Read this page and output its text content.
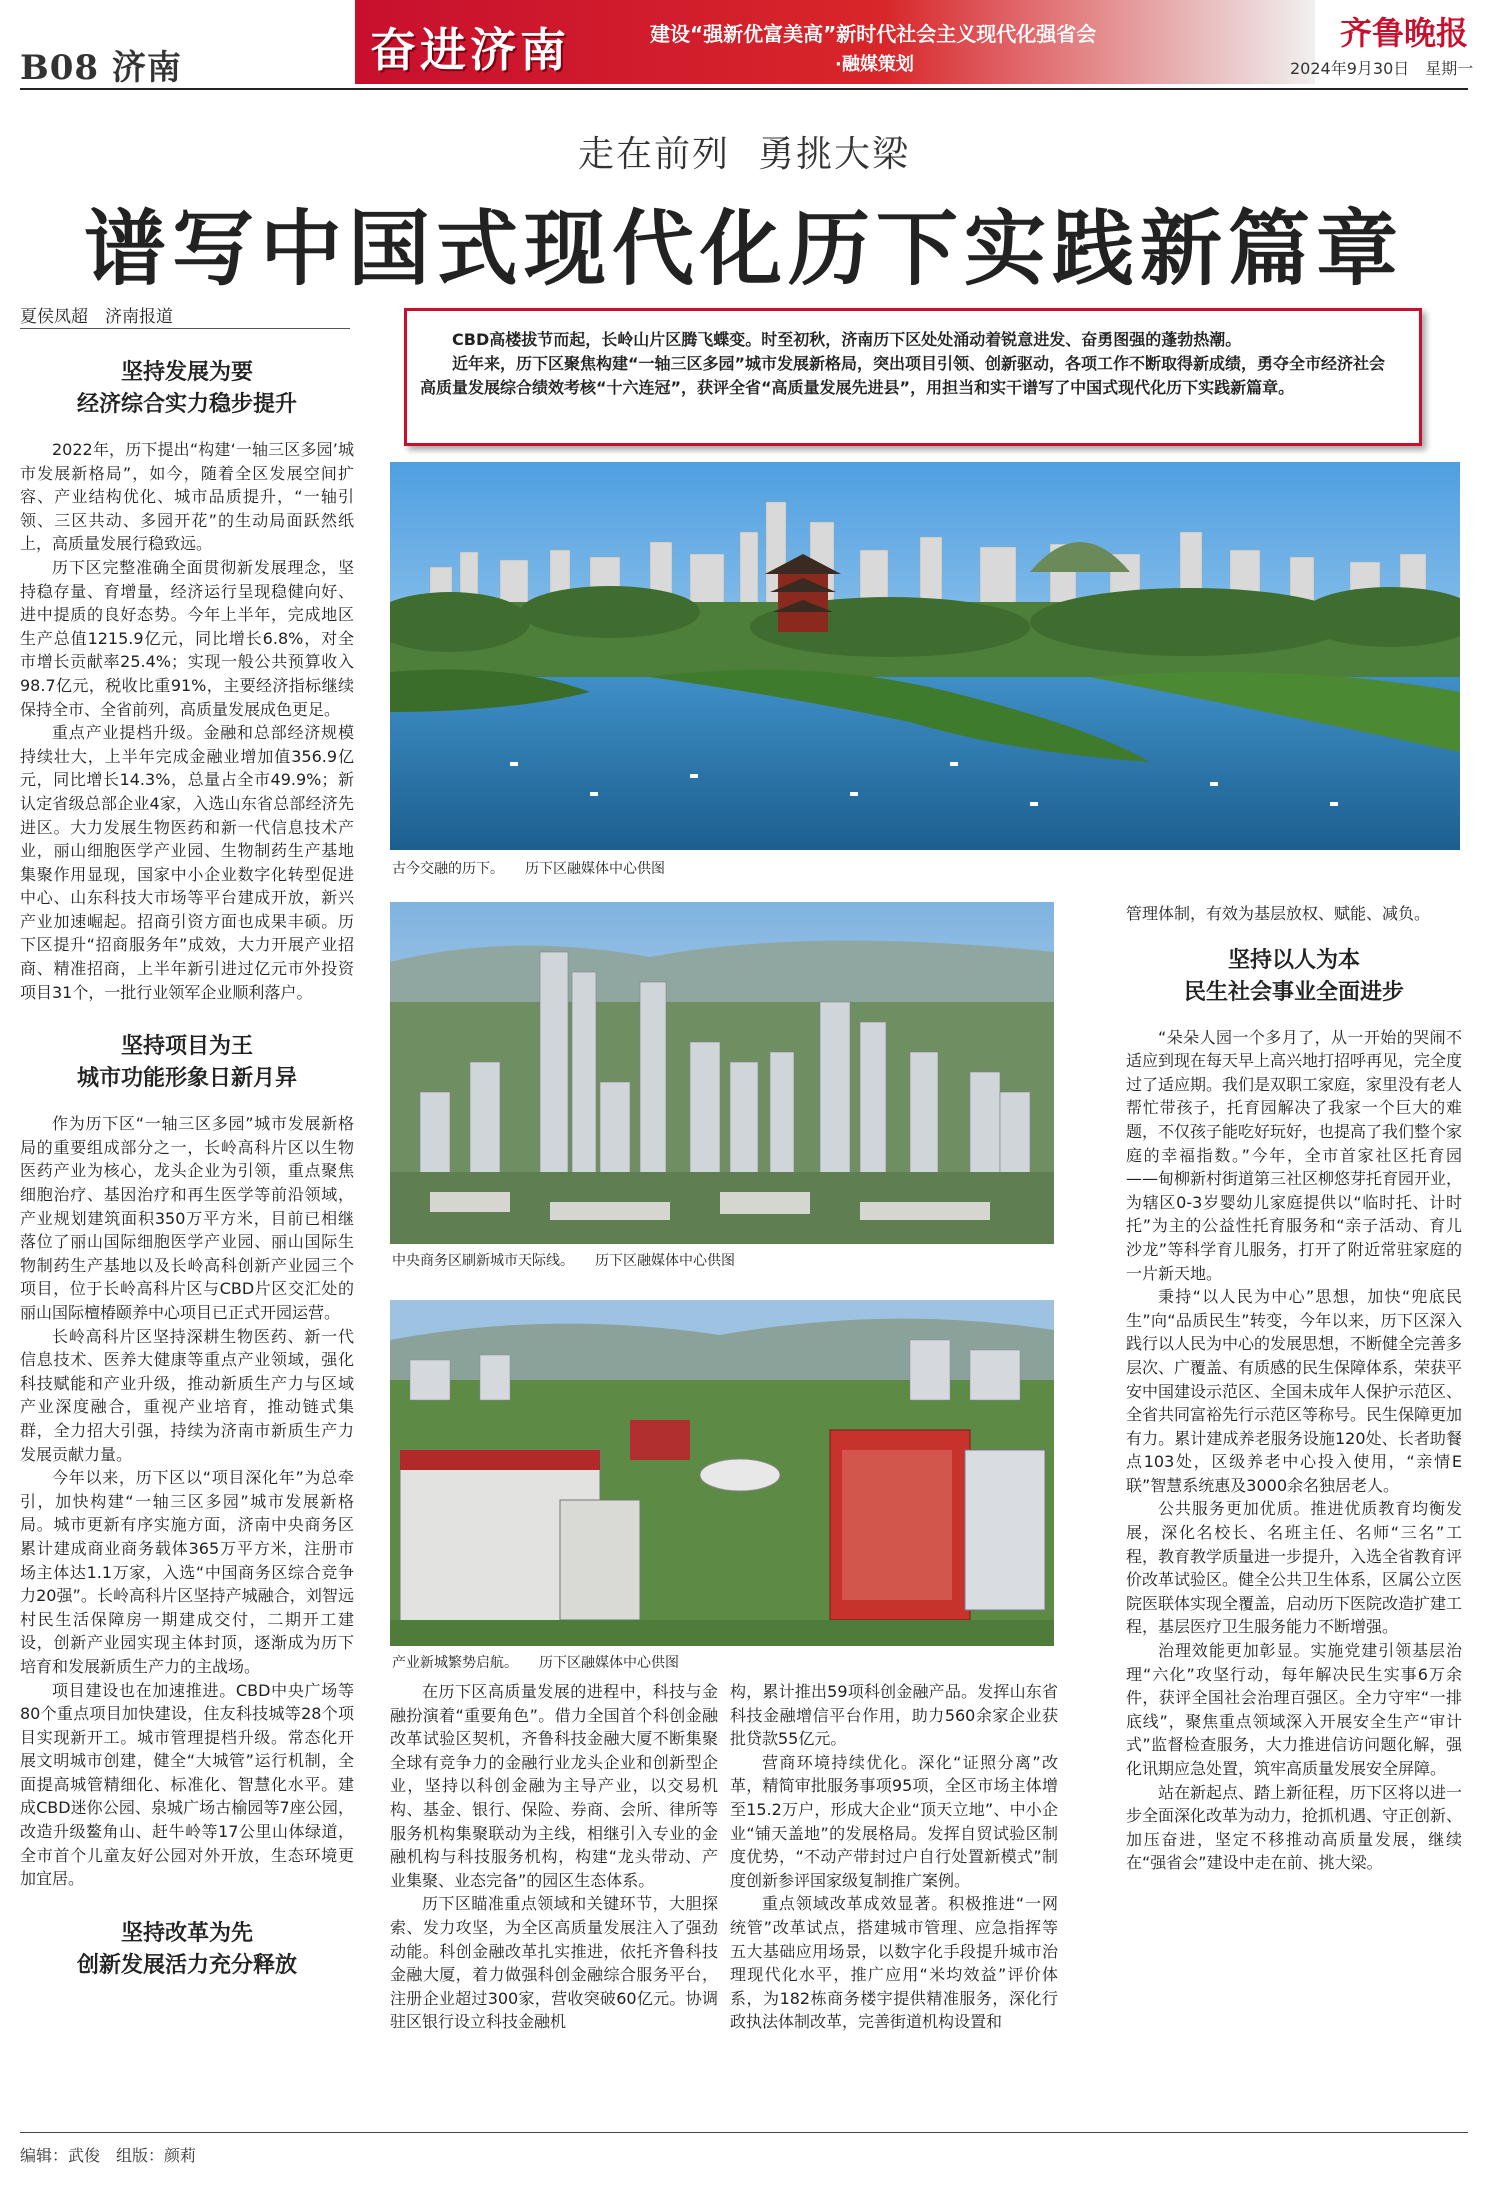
B08 济南	奋进济南	建设“强新优富美高”新时代社会主义现代化强省会
·融媒策划
齐鲁晚报
2024年9月30日　星期一
走在前列 勇挑大梁
谱写中国式现代化历下实践新篇章
夏侯凤超　济南报道

CBD高楼拔节而起，长岭山片区腾飞蝶变。时至初秋，济南历下区处处涌动着锐意进发、奋勇图强的蓬勃热潮。

近年来，历下区聚焦构建“一轴三区多园”城市发展新格局，突出项目引领、创新驱动，各项工作不断取得新成绩，勇夺全市经济社会高质量发展综合绩效考核“十六连冠”，获评全省“高质量发展先进县”，用担当和实干谱写了中国式现代化历下实践新篇章。

坚持发展为要
经济综合实力稳步提升

2022年，历下提出“构建‘一轴三区多园’城市发展新格局”，如今，随着全区发展空间扩容、产业结构优化、城市品质提升，“一轴引领、三区共动、多园开花”的生动局面跃然纸上，高质量发展行稳致远。

历下区完整准确全面贯彻新发展理念，坚持稳存量、育增量，经济运行呈现稳健向好、进中提质的良好态势。今年上半年，完成地区生产总值1215.9亿元，同比增长6.8%，对全市增长贡献率25.4%；实现一般公共预算收入98.7亿元，税收比重91%，主要经济指标继续保持全市、全省前列，高质量发展成色更足。

重点产业提档升级。金融和总部经济规模持续壮大，上半年完成金融业增加值356.9亿元，同比增长14.3%，总量占全市49.9%；新认定省级总部企业4家，入选山东省总部经济先进区。大力发展生物医药和新一代信息技术产业，丽山细胞医学产业园、生物制药生产基地集聚作用显现，国家中小企业数字化转型促进中心、山东科技大市场等平台建成开放，新兴产业加速崛起。招商引资方面也成果丰硕。历下区提升“招商服务年”成效，大力开展产业招商、精准招商，上半年新引进过亿元市外投资项目31个，一批行业领军企业顺利落户。

坚持项目为王
城市功能形象日新月异

作为历下区“一轴三区多园”城市发展新格局的重要组成部分之一，长岭高科片区以生物医药产业为核心，龙头企业为引领，重点聚焦细胞治疗、基因治疗和再生医学等前沿领域，产业规划建筑面积350万平方米，目前已相继落位了丽山国际细胞医学产业园、丽山国际生物制药生产基地以及长岭高科创新产业园三个项目，位于长岭高科片区与CBD片区交汇处的丽山国际檀椿颐养中心项目已正式开园运营。

长岭高科片区坚持深耕生物医药、新一代信息技术、医养大健康等重点产业领域，强化科技赋能和产业升级，推动新质生产力与区域产业深度融合，重视产业培育，推动链式集群，全力招大引强，持续为济南市新质生产力发展贡献力量。

今年以来，历下区以“项目深化年”为总牵引，加快构建“一轴三区多园”城市发展新格局。城市更新有序实施方面，济南中央商务区累计建成商业商务载体365万平方米，注册市场主体达1.1万家，入选“中国商务区综合竞争力20强”。长岭高科片区坚持产城融合，刘智远村民生活保障房一期建成交付，二期开工建设，创新产业园实现主体封顶，逐渐成为历下培育和发展新质生产力的主战场。

项目建设也在加速推进。CBD中央广场等80个重点项目加快建设，住友科技城等28个项目实现新开工。城市管理提档升级。常态化开展文明城市创建，健全“大城管”运行机制，全面提高城管精细化、标准化、智慧化水平。建成CBD迷你公园、泉城广场古榆园等7座公园，改造升级鳌角山、赶牛岭等17公里山体绿道，全市首个儿童友好公园对外开放，生态环境更加宜居。

坚持改革为先
创新发展活力充分释放
古今交融的历下。　　历下区融媒体中心供图
中央商务区刷新城市天际线。　　历下区融媒体中心供图
产业新城繁势启航。　　历下区融媒体中心供图

在历下区高质量发展的进程中，科技与金融扮演着“重要角色”。借力全国首个科创金融改革试验区契机，齐鲁科技金融大厦不断集聚全球有竞争力的金融行业龙头企业和创新型企业，坚持以科创金融为主导产业，以交易机构、基金、银行、保险、券商、会所、律所等服务机构集聚联动为主线，相继引入专业的金融机构与科技服务机构，构建“龙头带动、产业集聚、业态完备”的园区生态体系。

历下区瞄准重点领域和关键环节，大胆探索、发力攻坚，为全区高质量发展注入了强劲动能。科创金融改革扎实推进，依托齐鲁科技金融大厦，着力做强科创金融综合服务平台，注册企业超过300家，营收突破60亿元。协调驻区银行设立科技金融机

构，累计推出59项科创金融产品。发挥山东省科技金融增信平台作用，助力560余家企业获批贷款55亿元。

营商环境持续优化。深化“证照分离”改革，精简审批服务事项95项，全区市场主体增至15.2万户，形成大企业“顶天立地”、中小企业“铺天盖地”的发展格局。发挥自贸试验区制度优势，“不动产带封过户自行处置新模式”制度创新参评国家级复制推广案例。

重点领域改革成效显著。积极推进“一网统管”改革试点，搭建城市管理、应急指挥等五大基础应用场景，以数字化手段提升城市治理现代化水平，推广应用“米均效益”评价体系，为182栋商务楼宇提供精准服务，深化行政执法体制改革，完善街道机构设置和

管理体制，有效为基层放权、赋能、减负。

坚持以人为本
民生社会事业全面进步

“朵朵人园一个多月了，从一开始的哭闹不适应到现在每天早上高兴地打招呼再见，完全度过了适应期。我们是双职工家庭，家里没有老人帮忙带孩子，托育园解决了我家一个巨大的难题，不仅孩子能吃好玩好，也提高了我们整个家庭的幸福指数。”今年，全市首家社区托育园——甸柳新村街道第三社区柳悠芽托育园开业，为辖区0-3岁婴幼儿家庭提供以“临时托、计时托”为主的公益性托育服务和“亲子活动、育儿沙龙”等科学育儿服务，打开了附近常驻家庭的一片新天地。

秉持“以人民为中心”思想，加快“兜底民生”向“品质民生”转变，今年以来，历下区深入践行以人民为中心的发展思想，不断健全完善多层次、广覆盖、有质感的民生保障体系，荣获平安中国建设示范区、全国未成年人保护示范区、全省共同富裕先行示范区等称号。民生保障更加有力。累计建成养老服务设施120处、长者助餐点103处，区级养老中心投入使用，“亲情E联”智慧系统惠及3000余名独居老人。

公共服务更加优质。推进优质教育均衡发展，深化名校长、名班主任、名师“三名”工程，教育教学质量进一步提升，入选全省教育评价改革试验区。健全公共卫生体系，区属公立医院医联体实现全覆盖，启动历下医院改造扩建工程，基层医疗卫生服务能力不断增强。

治理效能更加彰显。实施党建引领基层治理“六化”攻坚行动，每年解决民生实事6万余件，获评全国社会治理百强区。全力守牢“一排底线”，聚焦重点领域深入开展安全生产“审计式”监督检查服务，大力推进信访问题化解，强化讯期应急处置，筑牢高质量发展安全屏障。

站在新起点、踏上新征程，历下区将以进一步全面深化改革为动力，抢抓机遇、守正创新、加压奋进，坚定不移推动高质量发展，继续在“强省会”建设中走在前、挑大梁。

编辑：武俊　组版：颜莉
